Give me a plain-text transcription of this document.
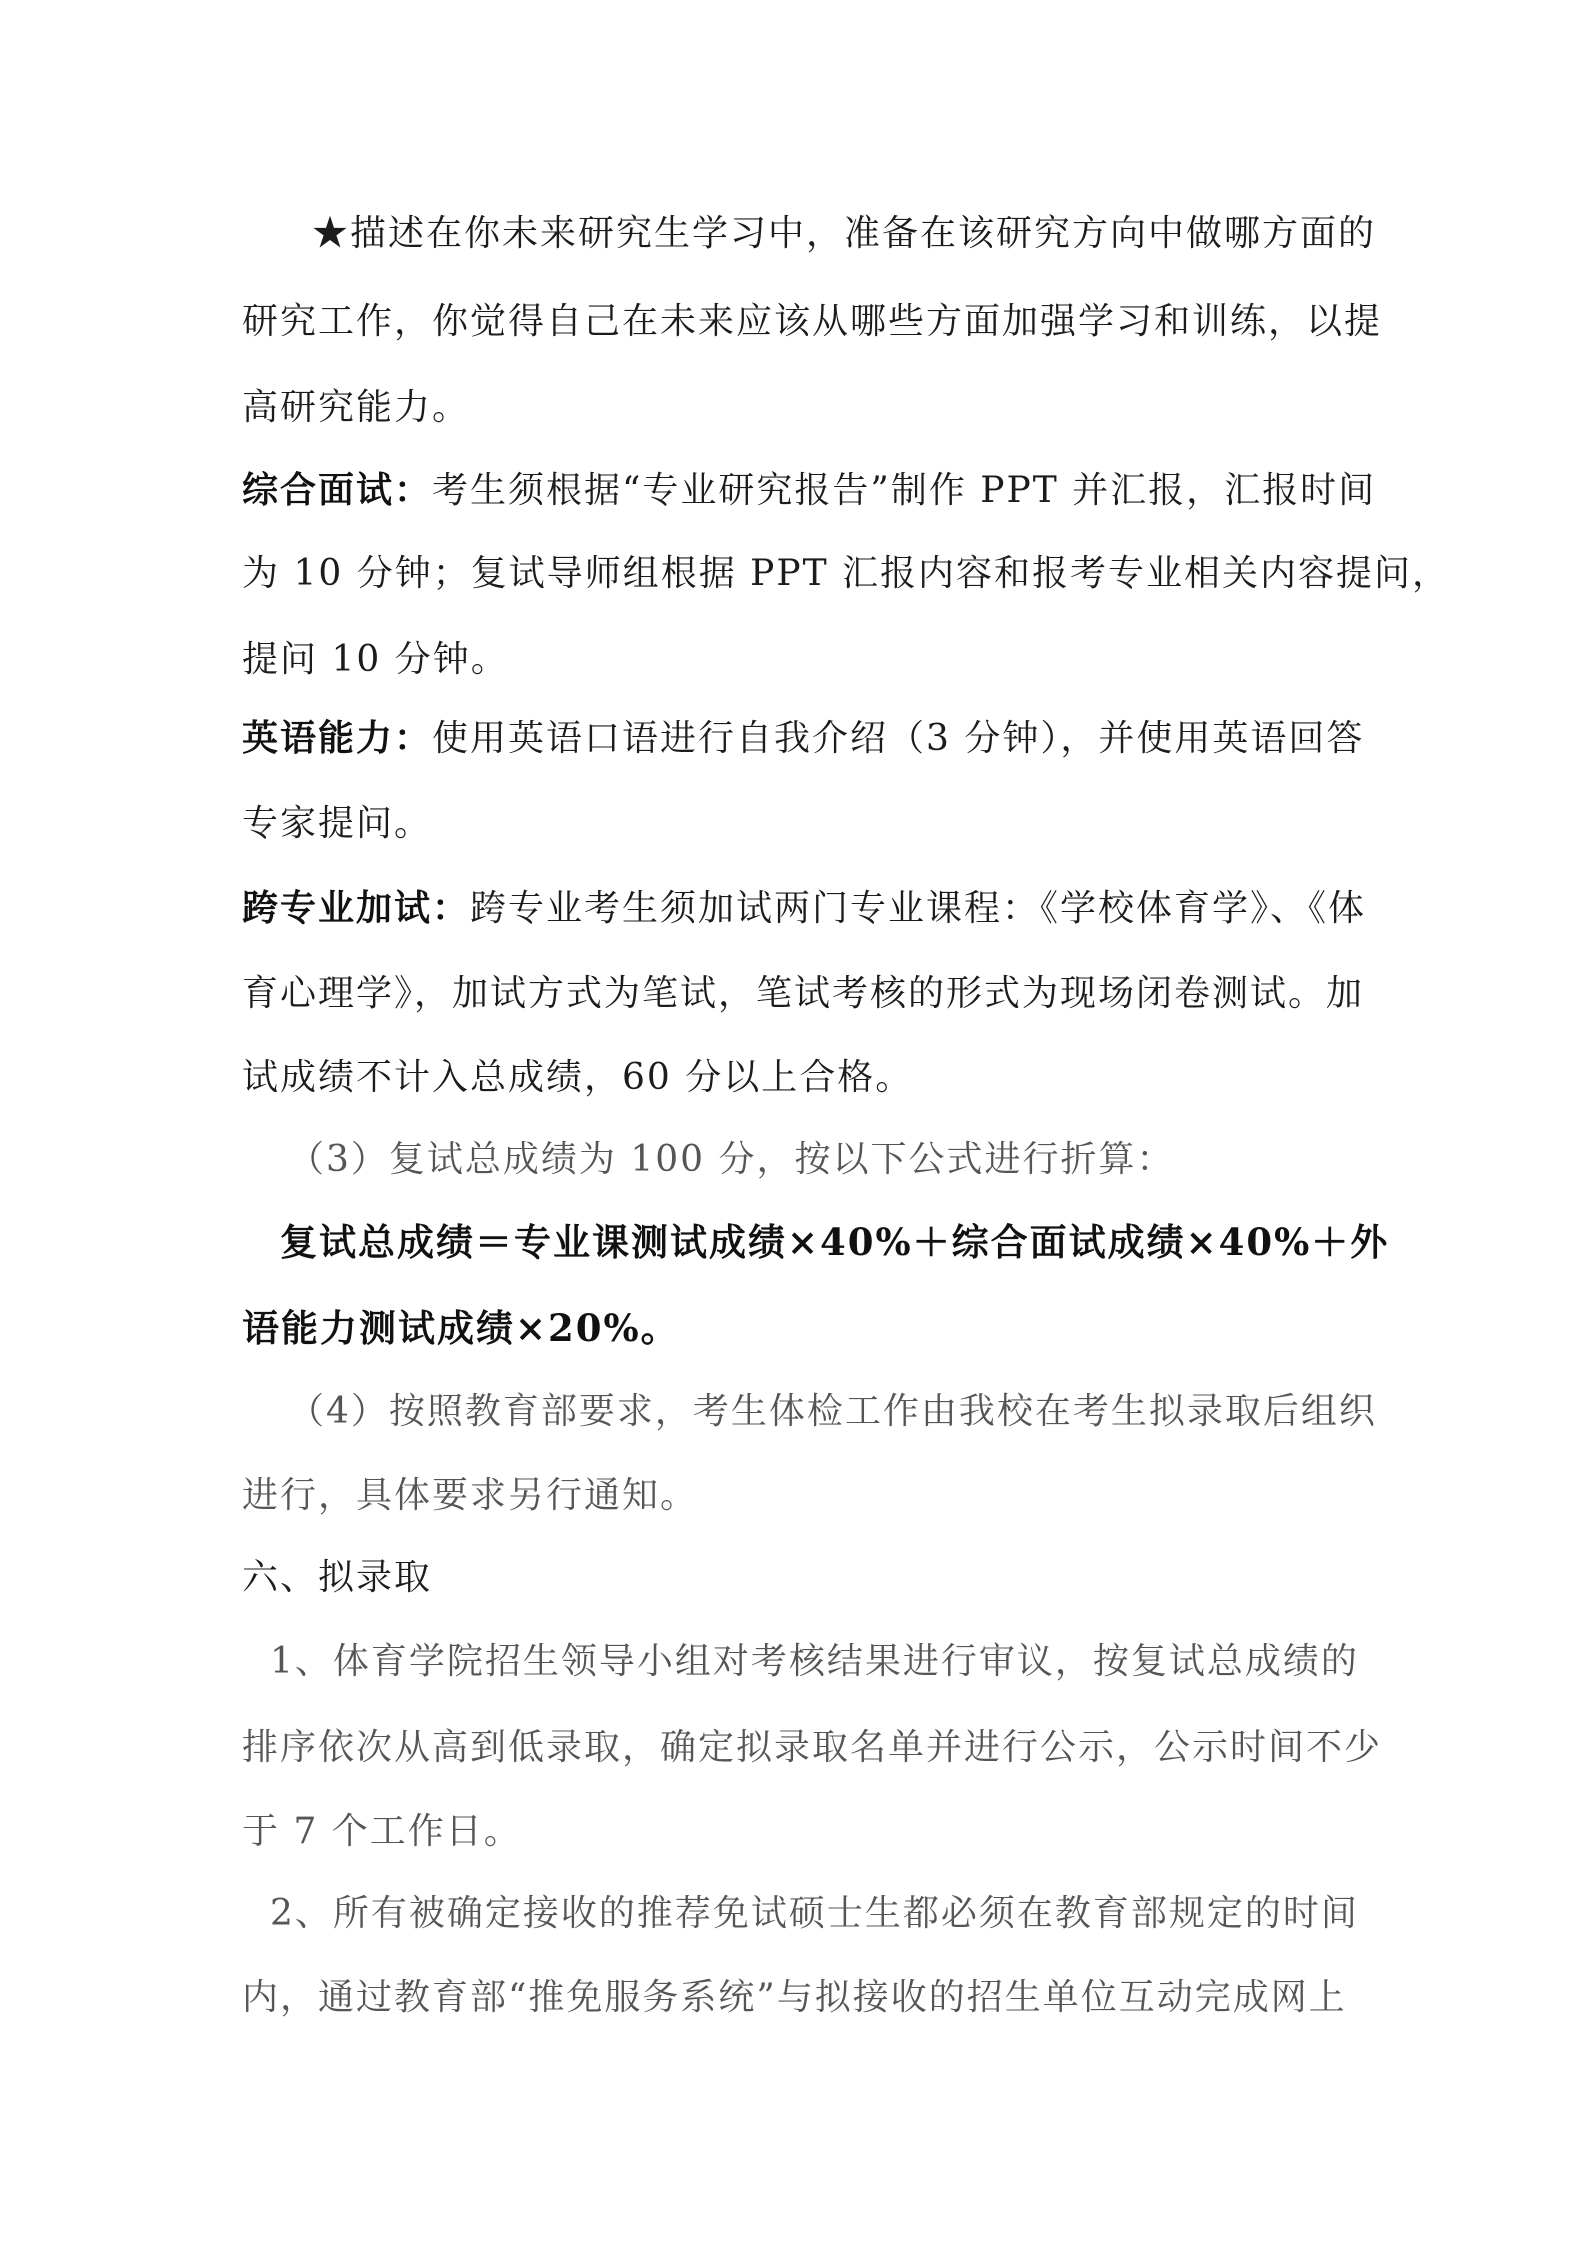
★描述在你未来研究生学习中，准备在该研究方向中做哪方面的
研究工作，你觉得自己在未来应该从哪些方面加强学习和训练，以提
高研究能力。
综合面试：考生须根据“专业研究报告”制作 PPT 并汇报，汇报时间
为 10 分钟；复试导师组根据 PPT 汇报内容和报考专业相关内容提问，
提问 10 分钟。
英语能力：使用英语口语进行自我介绍（3 分钟），并使用英语回答
专家提问。
跨专业加试：跨专业考生须加试两门专业课程：《学校体育学》、《体
育心理学》，加试方式为笔试，笔试考核的形式为现场闭卷测试。加
试成绩不计入总成绩，60 分以上合格。
（3）复试总成绩为 100 分，按以下公式进行折算：
复试总成绩＝专业课测试成绩×40%＋综合面试成绩×40%＋外
语能力测试成绩×20%。
（4）按照教育部要求，考生体检工作由我校在考生拟录取后组织
进行，具体要求另行通知。
六、拟录取
1、体育学院招生领导小组对考核结果进行审议，按复试总成绩的
排序依次从高到低录取，确定拟录取名单并进行公示，公示时间不少
于 7 个工作日。
2、所有被确定接收的推荐免试硕士生都必须在教育部规定的时间
内，通过教育部“推免服务系统”与拟接收的招生单位互动完成网上
